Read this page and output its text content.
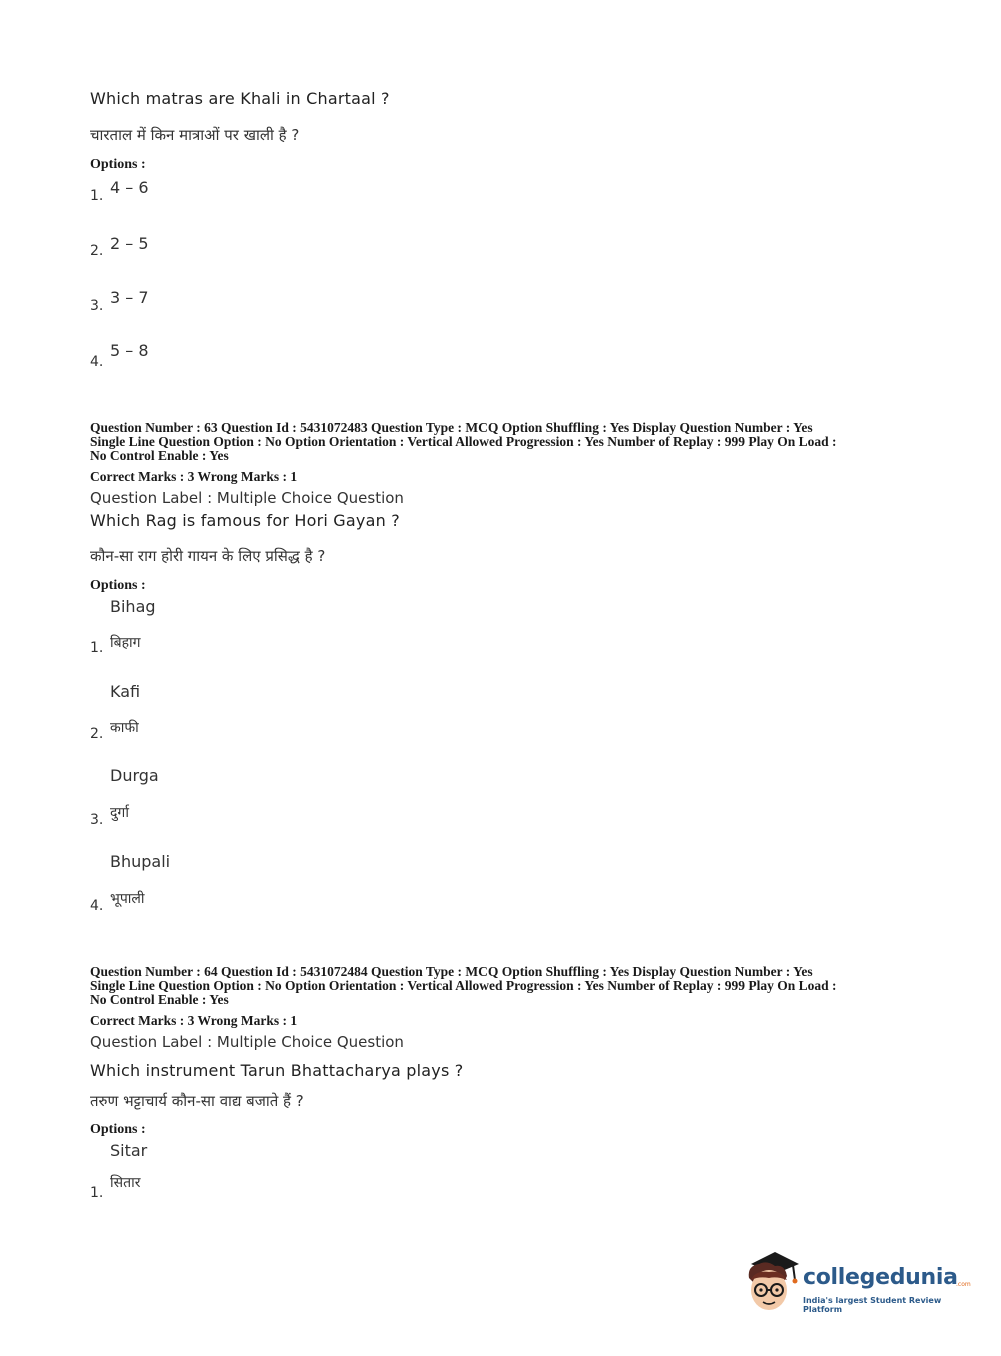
Which matras are Khali in Chartaal ?
चारताल में किन मात्राओं पर खाली है ?
Options :
1. 4 – 6
2. 2 – 5
3. 3 – 7
4.
5 – 8
Question Number : 63 Question Id : 5431072483 Question Type : MCQ Option Shuffling : Yes Display Question Number : Yes
Single Line Question Option : No Option Orientation : Vertical Allowed Progression : Yes Number of Replay : 999 Play On Load :
No Control Enable : Yes
Correct Marks : 3 Wrong Marks : 1
Question Label : Multiple Choice Question
Which Rag is famous for Hori Gayan ?
कौन-सा राग होरी गायन के लिए प्रसिद्ध है ?
Options :
Bihag
1. बिहाग
Kafi
2. काफी
Durga
3. दुर्गा
Bhupali
4. भूपाली
Question Number : 64 Question Id : 5431072484 Question Type : MCQ Option Shuffling : Yes Display Question Number : Yes
Single Line Question Option : No Option Orientation : Vertical Allowed Progression : Yes Number of Replay : 999 Play On Load :
No Control Enable : Yes
Correct Marks : 3 Wrong Marks : 1
Question Label : Multiple Choice Question
Which instrument Tarun Bhattacharya plays ?
तरुण भट्टाचार्य कौन-सा वाद्य बजाते हैं ?
Options :
Sitar
1.
सितार
collegedunia
.com
India's largest Student Review Platform
